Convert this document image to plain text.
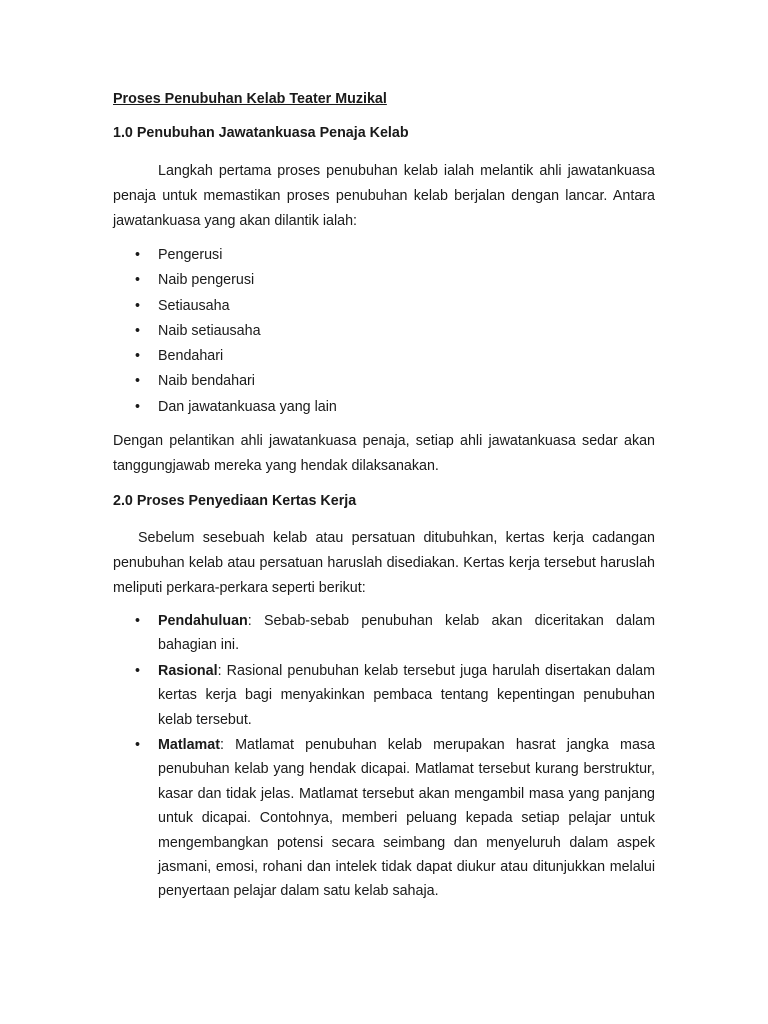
Proses Penubuhan Kelab Teater Muzikal

1.0 Penubuhan Jawatankuasa Penaja Kelab

Langkah pertama proses penubuhan kelab ialah melantik ahli jawatankuasa penaja untuk memastikan proses penubuhan kelab berjalan dengan lancar. Antara jawatankuasa yang akan dilantik ialah:

• Pengerusi
• Naib pengerusi
• Setiausaha
• Naib setiausaha
• Bendahari
• Naib bendahari
• Dan jawatankuasa yang lain

Dengan pelantikan ahli jawatankuasa penaja, setiap ahli jawatankuasa sedar akan tanggungjawab mereka yang hendak dilaksanakan.

2.0 Proses Penyediaan Kertas Kerja

Sebelum sesebuah kelab atau persatuan ditubuhkan, kertas kerja cadangan penubuhan kelab atau persatuan haruslah disediakan. Kertas kerja tersebut haruslah meliputi perkara-perkara seperti berikut:

• Pendahuluan: Sebab-sebab penubuhan kelab akan diceritakan dalam bahagian ini.
• Rasional: Rasional penubuhan kelab tersebut juga harulah disertakan dalam kertas kerja bagi menyakinkan pembaca tentang kepentingan penubuhan kelab tersebut.
• Matlamat: Matlamat penubuhan kelab merupakan hasrat jangka masa penubuhan kelab yang hendak dicapai. Matlamat tersebut kurang berstruktur, kasar dan tidak jelas. Matlamat tersebut akan mengambil masa yang panjang untuk dicapai. Contohnya, memberi peluang kepada setiap pelajar untuk mengembangkan potensi secara seimbang dan menyeluruh dalam aspek jasmani, emosi, rohani dan intelek tidak dapat diukur atau ditunjukkan melalui penyertaan pelajar dalam satu kelab sahaja.
